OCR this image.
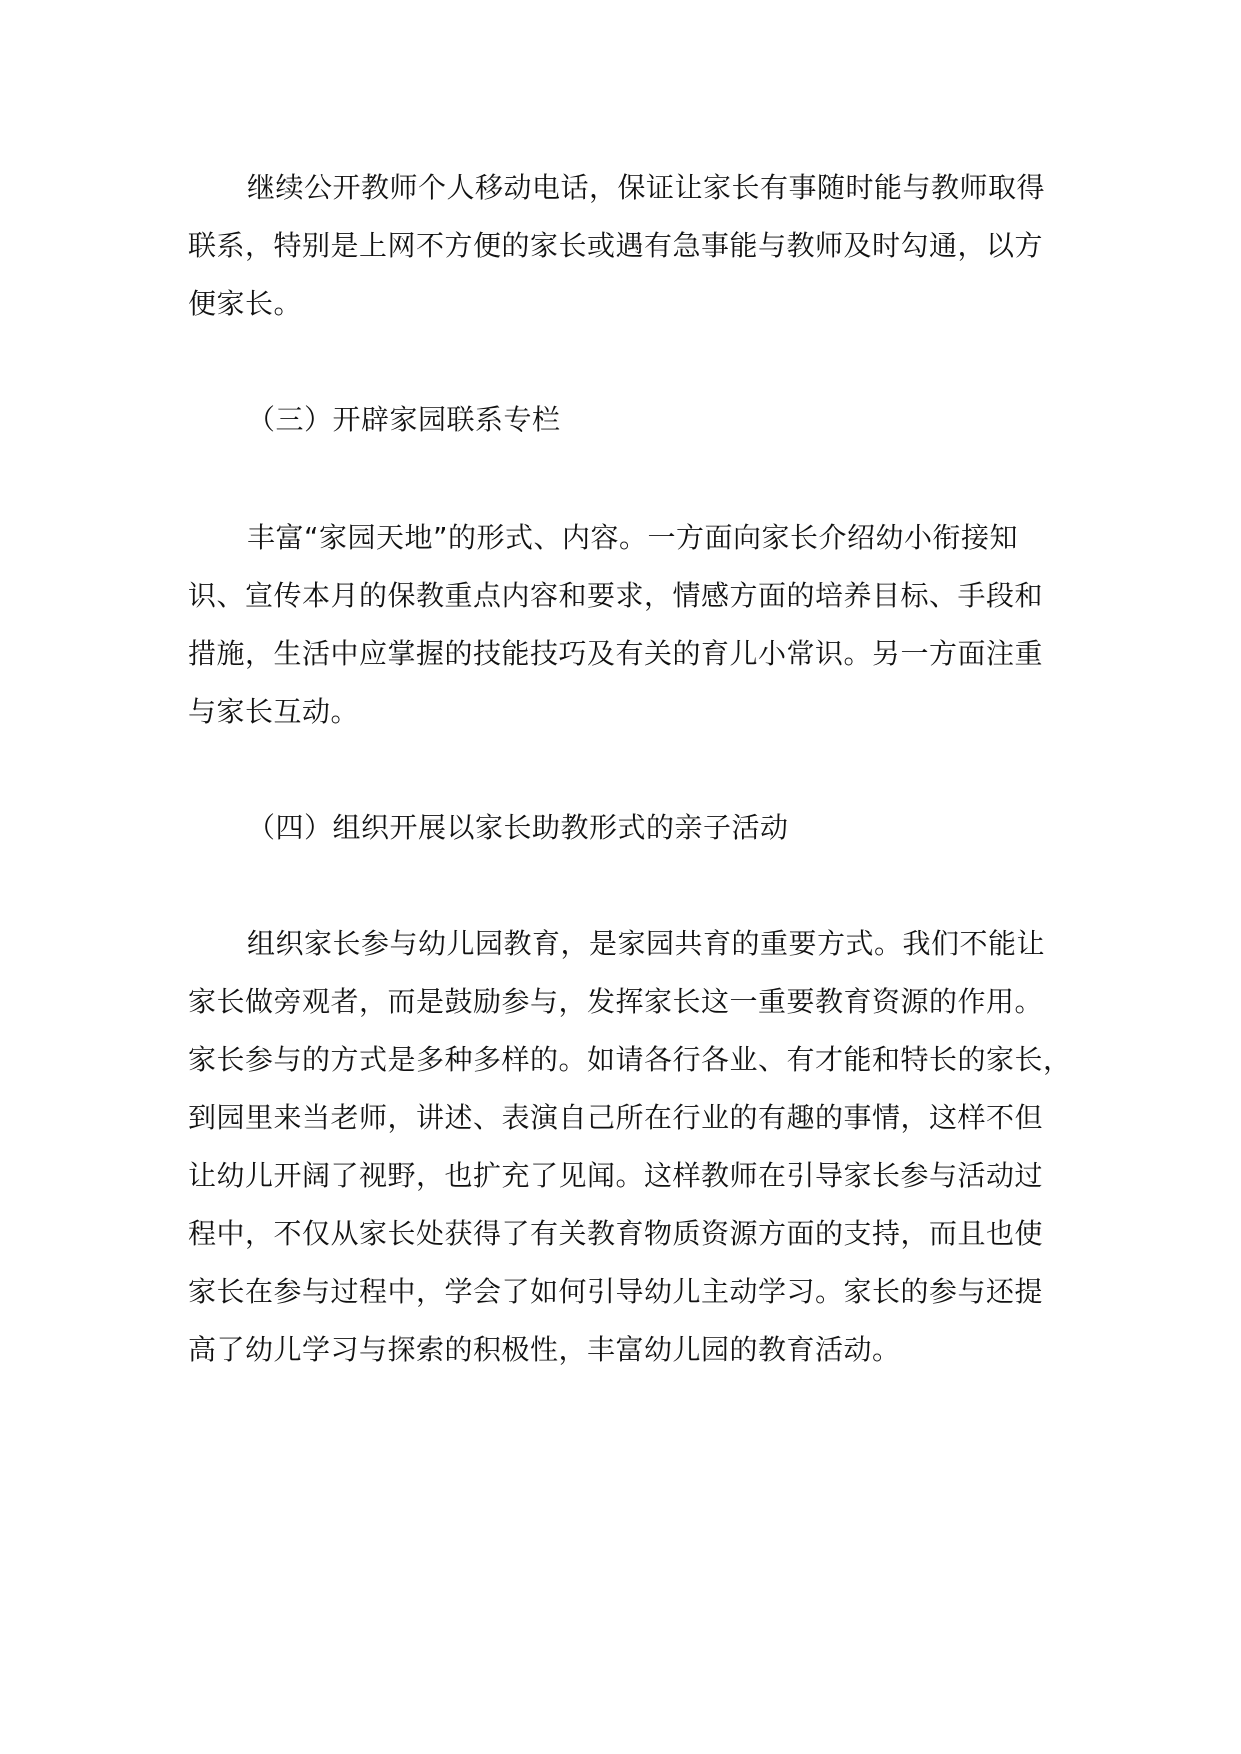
继续公开教师个人移动电话，保证让家长有事随时能与教师取得
联系，特别是上网不方便的家长或遇有急事能与教师及时勾通，以方
便家长。
（三）开辟家园联系专栏
丰富“家园天地”的形式、内容。一方面向家长介绍幼小衔接知
识、宣传本月的保教重点内容和要求，情感方面的培养目标、手段和
措施，生活中应掌握的技能技巧及有关的育儿小常识。另一方面注重
与家长互动。
（四）组织开展以家长助教形式的亲子活动
组织家长参与幼儿园教育，是家园共育的重要方式。我们不能让
家长做旁观者，而是鼓励参与，发挥家长这一重要教育资源的作用。
家长参与的方式是多种多样的。如请各行各业、有才能和特长的家长，
到园里来当老师，讲述、表演自己所在行业的有趣的事情，这样不但
让幼儿开阔了视野，也扩充了见闻。这样教师在引导家长参与活动过
程中，不仅从家长处获得了有关教育物质资源方面的支持，而且也使
家长在参与过程中，学会了如何引导幼儿主动学习。家长的参与还提
高了幼儿学习与探索的积极性，丰富幼儿园的教育活动。
